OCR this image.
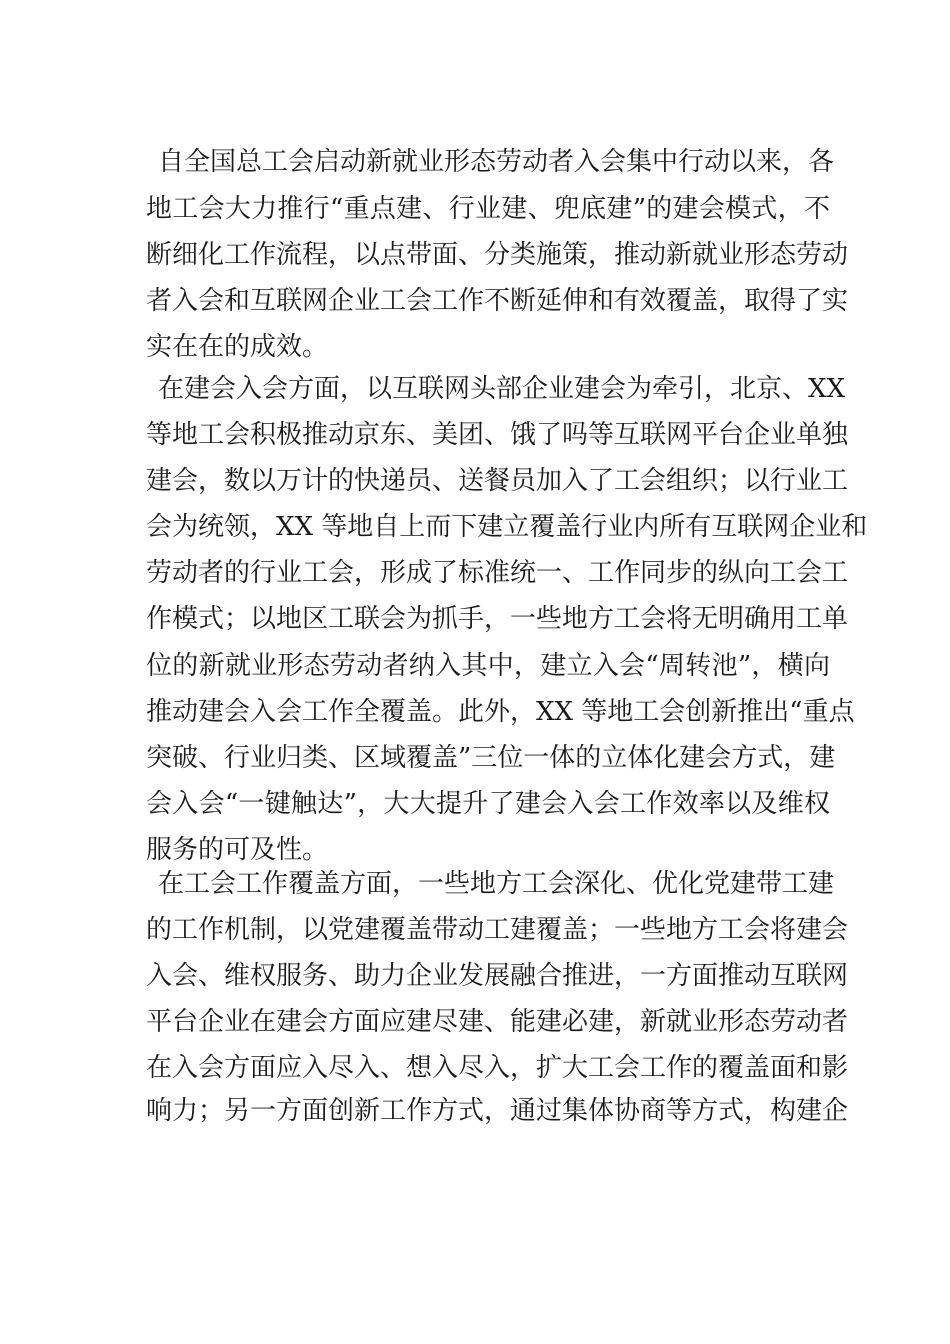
自全国总工会启动新就业形态劳动者入会集中行动以来，各
地工会大力推行“重点建、行业建、兜底建”的建会模式，不
断细化工作流程，以点带面、分类施策，推动新就业形态劳动
者入会和互联网企业工会工作不断延伸和有效覆盖，取得了实
实在在的成效。
在建会入会方面，以互联网头部企业建会为牵引，北京、XX
等地工会积极推动京东、美团、饿了吗等互联网平台企业单独
建会，数以万计的快递员、送餐员加入了工会组织；以行业工
会为统领，XX 等地自上而下建立覆盖行业内所有互联网企业和
劳动者的行业工会，形成了标准统一、工作同步的纵向工会工
作模式；以地区工联会为抓手，一些地方工会将无明确用工单
位的新就业形态劳动者纳入其中，建立入会“周转池”，横向
推动建会入会工作全覆盖。此外，XX 等地工会创新推出“重点
突破、行业归类、区域覆盖”三位一体的立体化建会方式，建
会入会“一键触达”，大大提升了建会入会工作效率以及维权
服务的可及性。
在工会工作覆盖方面，一些地方工会深化、优化党建带工建
的工作机制，以党建覆盖带动工建覆盖；一些地方工会将建会
入会、维权服务、助力企业发展融合推进，一方面推动互联网
平台企业在建会方面应建尽建、能建必建，新就业形态劳动者
在入会方面应入尽入、想入尽入，扩大工会工作的覆盖面和影
响力；另一方面创新工作方式，通过集体协商等方式，构建企
